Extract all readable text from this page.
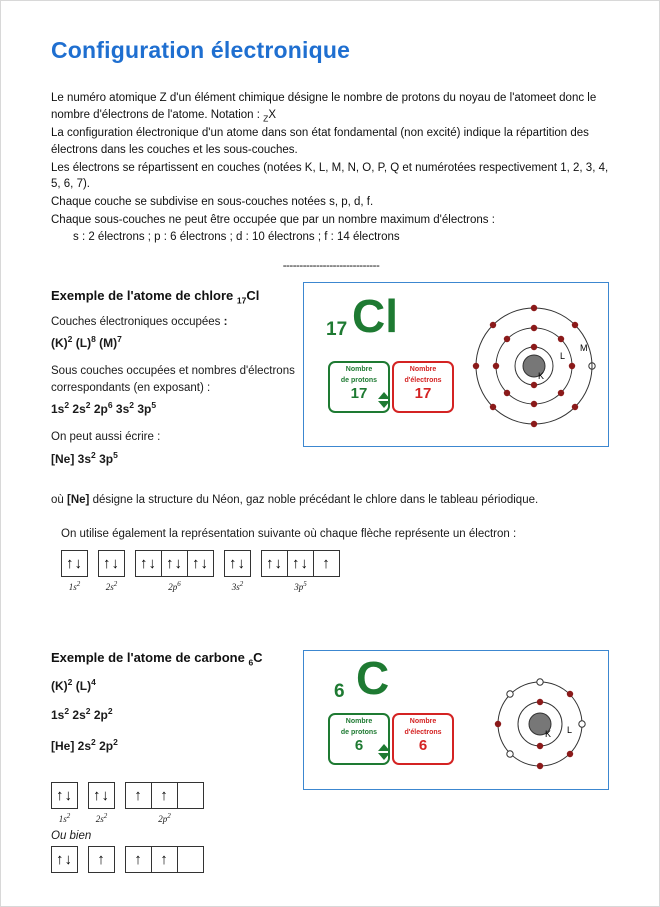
Configuration électronique

Le numéro atomique Z d'un élément chimique désigne le nombre de protons du noyau de l'atomeet donc le nombre d'électrons de l'atome. Notation : $_Z$X

La configuration électronique d'un atome dans son état fondamental (non excité) indique la répartition des électrons dans les couches et les sous-couches.

Les électrons se répartissent en couches (notées K, L, M, N, O, P, Q et numérotées respectivement 1, 2, 3, 4, 5, 6, 7).

Chaque couche se subdivise en sous-couches notées s, p, d, f.

Chaque sous-couches ne peut être occupée que par un nombre maximum d'électrons :

s : 2 électrons ; p : 6 électrons ; d : 10 électrons ; f : 14 électrons

-----------------------------
Exemple de l'atome de chlore $_{17}$Cl
Couches électroniques occupées :
$(K)^2$ $(L)^8$ $(M)^7$
Sous couches occupées et nombres d'électrons correspondants (en exposant) :
$1s^2$ $2s^2$ $2p^6$ $3s^2$ $3p^5$
On peut aussi écrire :
[Ne] $3s^2$ $3p^5$
17 Cl
Nombre
de protons
17
Nombre
d'électrons
17
K
L
M

où [Ne] désigne la structure du Néon, gaz noble précédant le chlore dans le tableau périodique.

On utilise également la représentation suivante où chaque flèche représente un électron :

↑↓
$1s^2$
↑↓
$2s^2$
↑↓ ↑↓ ↑↓
$2p^6$
↑↓
$3s^2$
↑↓ ↑↓ ↑
$3p^5$
Exemple de l'atome de carbone $_6$C
$(K)^2$ $(L)^4$
$1s^2$ $2s^2$ $2p^2$
[He] $2s^2$ $2p^2$
6 C
Nombre
de protons
6
Nombre
d'électrons
6
K L
↑↓
$1s^2$
↑↓
$2s^2$
↑	↑
$2p^2$
Ou bien
↑↓	↑	↑	↑
